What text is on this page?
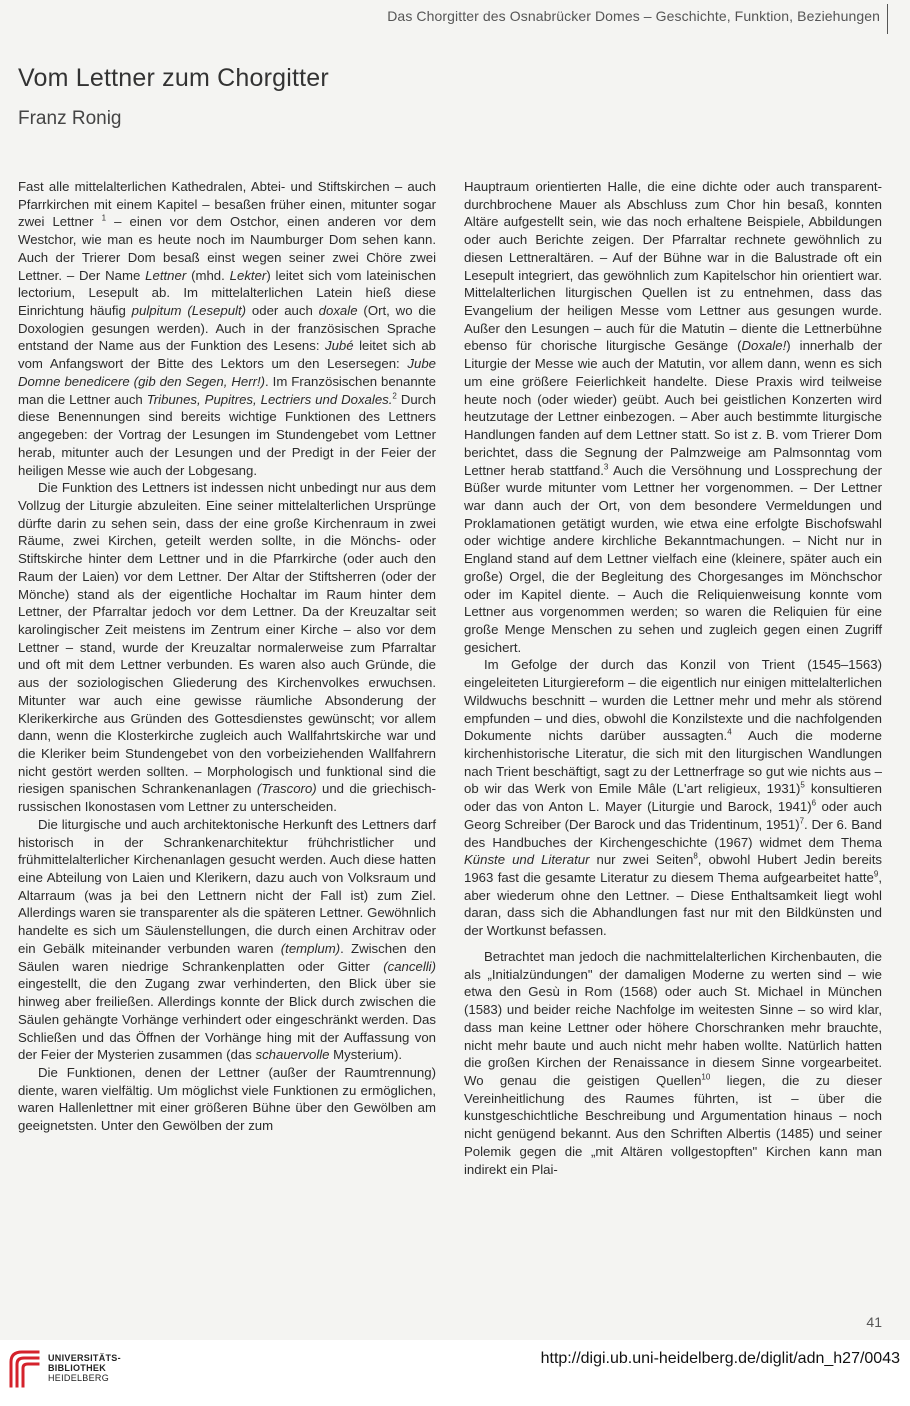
Das Chorgitter des Osnabrücker Domes – Geschichte, Funktion, Beziehungen
Vom Lettner zum Chorgitter
Franz Ronig

Fast alle mittelalterlichen Kathedralen, Abtei- und Stiftskirchen – auch Pfarrkirchen mit einem Kapitel – besaßen früher einen, mitunter sogar zwei Lettner $^1$ – einen vor dem Ostchor, einen anderen vor dem Westchor, wie man es heute noch im Naumburger Dom sehen kann. Auch der Trierer Dom besaß einst wegen seiner zwei Chöre zwei Lettner. – Der Name Lettner (mhd. Lekter) leitet sich vom lateinischen lectorium, Lesepult ab. Im mittelalterlichen Latein hieß diese Einrichtung häufig pulpitum (Lesepult) oder auch doxale (Ort, wo die Doxologien gesungen werden). Auch in der französischen Sprache entstand der Name aus der Funktion des Lesens: Jubé leitet sich ab vom Anfangswort der Bitte des Lektors um den Lesersegen: Jube Domne benedicere (gib den Segen, Herr!). Im Französischen benannte man die Lettner auch Tribunes, Pupitres, Lectriers und Doxales.$^2$ Durch diese Benennungen sind bereits wichtige Funktionen des Lettners angegeben: der Vortrag der Lesungen im Stundengebet vom Lettner herab, mitunter auch der Lesungen und der Predigt in der Feier der heiligen Messe wie auch der Lobgesang.

Die Funktion des Lettners ist indessen nicht unbedingt nur aus dem Vollzug der Liturgie abzuleiten. Eine seiner mittelalterlichen Ursprünge dürfte darin zu sehen sein, dass der eine große Kirchenraum in zwei Räume, zwei Kirchen, geteilt werden sollte, in die Mönchs- oder Stiftskirche hinter dem Lettner und in die Pfarrkirche (oder auch den Raum der Laien) vor dem Lettner. Der Altar der Stiftsherren (oder der Mönche) stand als der eigentliche Hochaltar im Raum hinter dem Lettner, der Pfarraltar jedoch vor dem Lettner. Da der Kreuzaltar seit karolingischer Zeit meistens im Zentrum einer Kirche – also vor dem Lettner – stand, wurde der Kreuzaltar normalerweise zum Pfarraltar und oft mit dem Lettner verbunden. Es waren also auch Gründe, die aus der soziologischen Gliederung des Kirchenvolkes erwuchsen. Mitunter war auch eine gewisse räumliche Absonderung der Klerikerkirche aus Gründen des Gottesdienstes gewünscht; vor allem dann, wenn die Klosterkirche zugleich auch Wallfahrtskirche war und die Kleriker beim Stundengebet von den vorbeiziehenden Wallfahrern nicht gestört werden sollten. – Morphologisch und funktional sind die riesigen spanischen Schrankenanlagen (Trascoro) und die griechisch-russischen Ikonostasen vom Lettner zu unterscheiden.

Die liturgische und auch architektonische Herkunft des Lettners darf historisch in der Schrankenarchitektur frühchristlicher und frühmittelalterlicher Kirchenanlagen gesucht werden. Auch diese hatten eine Abteilung von Laien und Klerikern, dazu auch von Volksraum und Altarraum (was ja bei den Lettnern nicht der Fall ist) zum Ziel. Allerdings waren sie transparenter als die späteren Lettner. Gewöhnlich handelte es sich um Säulenstellungen, die durch einen Architrav oder ein Gebälk miteinander verbunden waren (templum). Zwischen den Säulen waren niedrige Schrankenplatten oder Gitter (cancelli) eingestellt, die den Zugang zwar verhinderten, den Blick über sie hinweg aber freiließen. Allerdings konnte der Blick durch zwischen die Säulen gehängte Vorhänge verhindert oder eingeschränkt werden. Das Schließen und das Öffnen der Vorhänge hing mit der Auffassung von der Feier der Mysterien zusammen (das schauervolle Mysterium).

Die Funktionen, denen der Lettner (außer der Raumtrennung) diente, waren vielfältig. Um möglichst viele Funktionen zu ermöglichen, waren Hallenlettner mit einer größeren Bühne über den Gewölben am geeignetsten. Unter den Gewölben der zum

Hauptraum orientierten Halle, die eine dichte oder auch transparent-durchbrochene Mauer als Abschluss zum Chor hin besaß, konnten Altäre aufgestellt sein, wie das noch erhaltene Beispiele, Abbildungen oder auch Berichte zeigen. Der Pfarraltar rechnete gewöhnlich zu diesen Lettneraltären. – Auf der Bühne war in die Balustrade oft ein Lesepult integriert, das gewöhnlich zum Kapitelschor hin orientiert war. Mittelalterlichen liturgischen Quellen ist zu entnehmen, dass das Evangelium der heiligen Messe vom Lettner aus gesungen wurde. Außer den Lesungen – auch für die Matutin – diente die Lettnerbühne ebenso für chorische liturgische Gesänge (Doxale!) innerhalb der Liturgie der Messe wie auch der Matutin, vor allem dann, wenn es sich um eine größere Feierlichkeit handelte. Diese Praxis wird teilweise heute noch (oder wieder) geübt. Auch bei geistlichen Konzerten wird heutzutage der Lettner einbezogen. – Aber auch bestimmte liturgische Handlungen fanden auf dem Lettner statt. So ist z. B. vom Trierer Dom berichtet, dass die Segnung der Palmzweige am Palmsonntag vom Lettner herab stattfand.$^3$ Auch die Versöhnung und Lossprechung der Büßer wurde mitunter vom Lettner her vorgenommen. – Der Lettner war dann auch der Ort, von dem besondere Vermeldungen und Proklamationen getätigt wurden, wie etwa eine erfolgte Bischofswahl oder wichtige andere kirchliche Bekanntmachungen. – Nicht nur in England stand auf dem Lettner vielfach eine (kleinere, später auch ein große) Orgel, die der Begleitung des Chorgesanges im Mönchschor oder im Kapitel diente. – Auch die Reliquienweisung konnte vom Lettner aus vorgenommen werden; so waren die Reliquien für eine große Menge Menschen zu sehen und zugleich gegen einen Zugriff gesichert.

Im Gefolge der durch das Konzil von Trient (1545–1563) eingeleiteten Liturgiereform – die eigentlich nur einigen mittelalterlichen Wildwuchs beschnitt – wurden die Lettner mehr und mehr als störend empfunden – und dies, obwohl die Konzilstexte und die nachfolgenden Dokumente nichts darüber aussagten.$^4$ Auch die moderne kirchenhistorische Literatur, die sich mit den liturgischen Wandlungen nach Trient beschäftigt, sagt zu der Lettnerfrage so gut wie nichts aus – ob wir das Werk von Emile Mâle (L'art religieux, 1931)$^5$ konsultieren oder das von Anton L. Mayer (Liturgie und Barock, 1941)$^6$ oder auch Georg Schreiber (Der Barock und das Tridentinum, 1951)$^7$. Der 6. Band des Handbuches der Kirchengeschichte (1967) widmet dem Thema Künste und Literatur nur zwei Seiten$^8$, obwohl Hubert Jedin bereits 1963 fast die gesamte Literatur zu diesem Thema aufgearbeitet hatte$^9$, aber wiederum ohne den Lettner. – Diese Enthaltsamkeit liegt wohl daran, dass sich die Abhandlungen fast nur mit den Bildkünsten und der Wortkunst befassen.

Betrachtet man jedoch die nachmittelalterlichen Kirchenbauten, die als „Initialzündungen" der damaligen Moderne zu werten sind – wie etwa den Gesù in Rom (1568) oder auch St. Michael in München (1583) und beider reiche Nachfolge im weitesten Sinne – so wird klar, dass man keine Lettner oder höhere Chorschranken mehr brauchte, nicht mehr baute und auch nicht mehr haben wollte. Natürlich hatten die großen Kirchen der Renaissance in diesem Sinne vorgearbeitet. Wo genau die geistigen Quellen$^{10}$ liegen, die zu dieser Vereinheitlichung des Raumes führten, ist – über die kunstgeschichtliche Beschreibung und Argumentation hinaus – noch nicht genügend bekannt. Aus den Schriften Albertis (1485) und seiner Polemik gegen die „mit Altären vollgestopften" Kirchen kann man indirekt ein Plai-

41
UNIVERSITÄTS-
BIBLIOTHEK
HEIDELBERG
http://digi.ub.uni-heidelberg.de/diglit/adn_h27/0043
